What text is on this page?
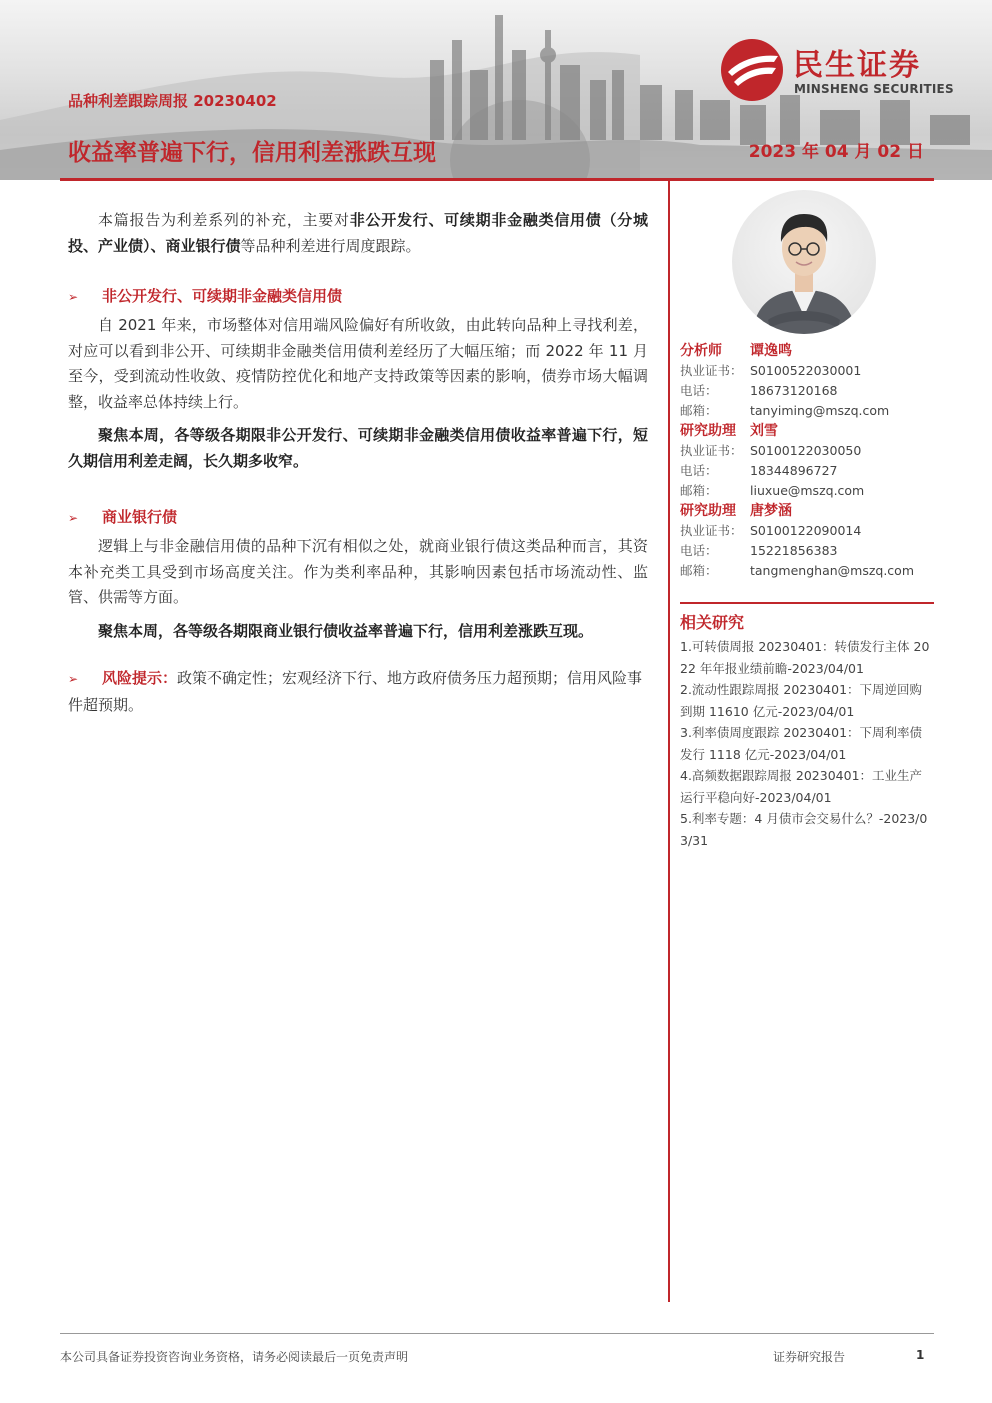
民生证券
MINSHENG SECURITIES
品种利差跟踪周报 20230402
收益率普遍下行，信用利差涨跌互现	2023 年 04 月 02 日

本篇报告为利差系列的补充，主要对非公开发行、可续期非金融类信用债（分城投、产业债）、商业银行债等品种利差进行周度跟踪。

➢ 非公开发行、可续期非金融类信用债

自 2021 年来，市场整体对信用端风险偏好有所收敛，由此转向品种上寻找利差，对应可以看到非公开、可续期非金融类信用债利差经历了大幅压缩；而 2022 年 11 月至今，受到流动性收敛、疫情防控优化和地产支持政策等因素的影响，债券市场大幅调整，收益率总体持续上行。

聚焦本周，各等级各期限非公开发行、可续期非金融类信用债收益率普遍下行，短久期信用利差走阔，长久期多收窄。

➢ 商业银行债

逻辑上与非金融信用债的品种下沉有相似之处，就商业银行债这类品种而言，其资本补充类工具受到市场高度关注。作为类利率品种，其影响因素包括市场流动性、监管、供需等方面。

聚焦本周，各等级各期限商业银行债收益率普遍下行，信用利差涨跌互现。

➢ 风险提示：政策不确定性；宏观经济下行、地方政府债务压力超预期；信用风险事件超预期。
分析师 谭逸鸣
执业证书： S0100522030001
电话：	18673120168
邮箱：	tanyiming@mszq.com
研究助理 刘雪
执业证书： S0100122030050
电话：	18344896727
邮箱：	liuxue@mszq.com
研究助理 唐梦涵
执业证书： S0100122090014
电话：	15221856383
邮箱：	tangmenghan@mszq.com
相关研究
1.可转债周报 20230401：转债发行主体 2022 年年报业绩前瞻-2023/04/01
2.流动性跟踪周报 20230401：下周逆回购到期 11610 亿元-2023/04/01
3.利率债周度跟踪 20230401：下周利率债发行 1118 亿元-2023/04/01
4.高频数据跟踪周报 20230401：工业生产运行平稳向好-2023/04/01
5.利率专题：4 月债市会交易什么？-2023/03/31
本公司具备证券投资咨询业务资格，请务必阅读最后一页免责声明	证券研究报告	1
